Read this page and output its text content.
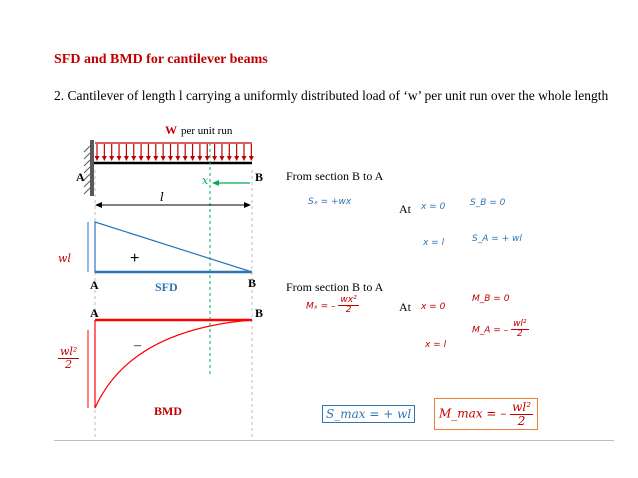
SFD and BMD for cantilever beams
2. Cantilever of length l carrying a uniformly distributed load of ‘w’ per unit run over the whole length
W per unit run
A	B
x
l
wl	+
A	B
SFD
A	B
–
$\frac{\text{wl²}}{2}$
BMD
From section B to A
Sₓ = +wx	At x = 0	S_B = 0
x = l	S_A = + wl
From section B to A
Mₓ = – $\frac{\text{wx²}}{2}$	At x = 0
M_B = 0
x = l
M_A = – $\frac{\text{wl²}}{2}$
S_max = + wl	M_max = – $\frac{\text{wl²}}{2}$
